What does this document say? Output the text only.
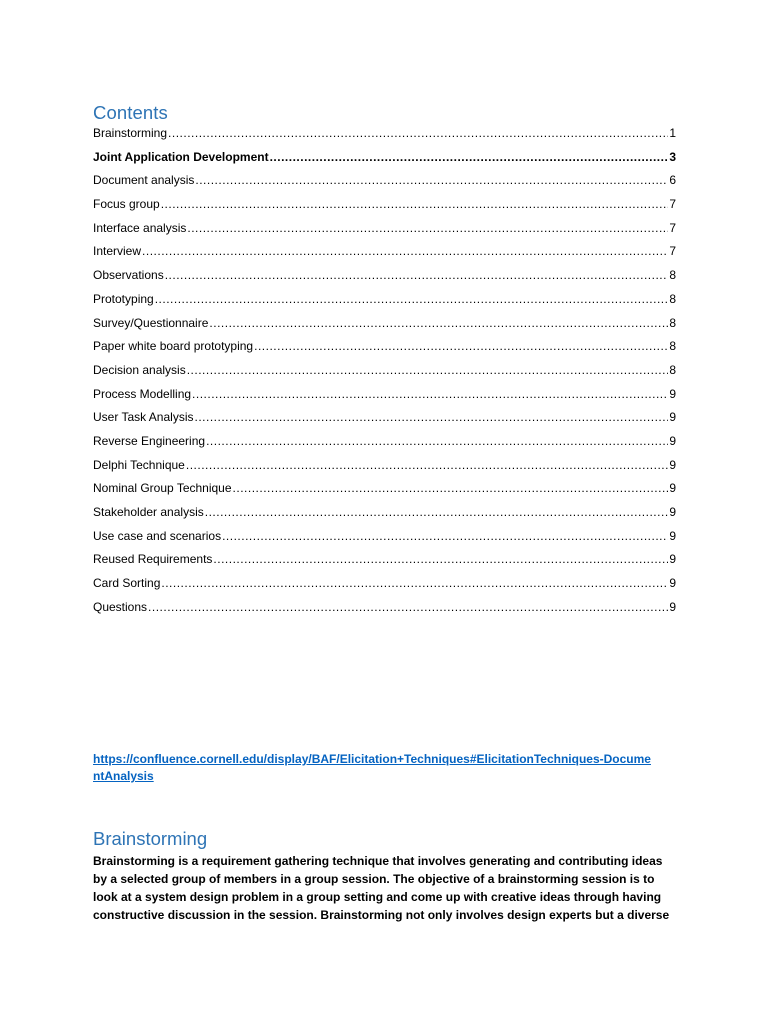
Contents
Brainstorming .....	1
Joint Application Development .....	3
Document analysis .....	6
Focus group .....	7
Interface analysis .....	7
Interview .....	7
Observations .....	8
Prototyping .....	8
Survey/Questionnaire .....	8
Paper white board prototyping .....	8
Decision analysis .....	8
Process Modelling .....	9
User Task Analysis .....	9
Reverse Engineering .....	9
Delphi Technique .....	9
Nominal Group Technique .....	9
Stakeholder analysis .....	9
Use case and scenarios .....	9
Reused Requirements .....	9
Card Sorting .....	9
Questions .....	9
https://confluence.cornell.edu/display/BAF/Elicitation+Techniques#ElicitationTechniques-DocumentAnalysis
Brainstorming

Brainstorming is a requirement gathering technique that involves generating and contributing ideas by a selected group of members in a group session. The objective of a brainstorming session is to look at a system design problem in a group setting and come up with creative ideas through having constructive discussion in the session. Brainstorming not only involves design experts but a diverse
